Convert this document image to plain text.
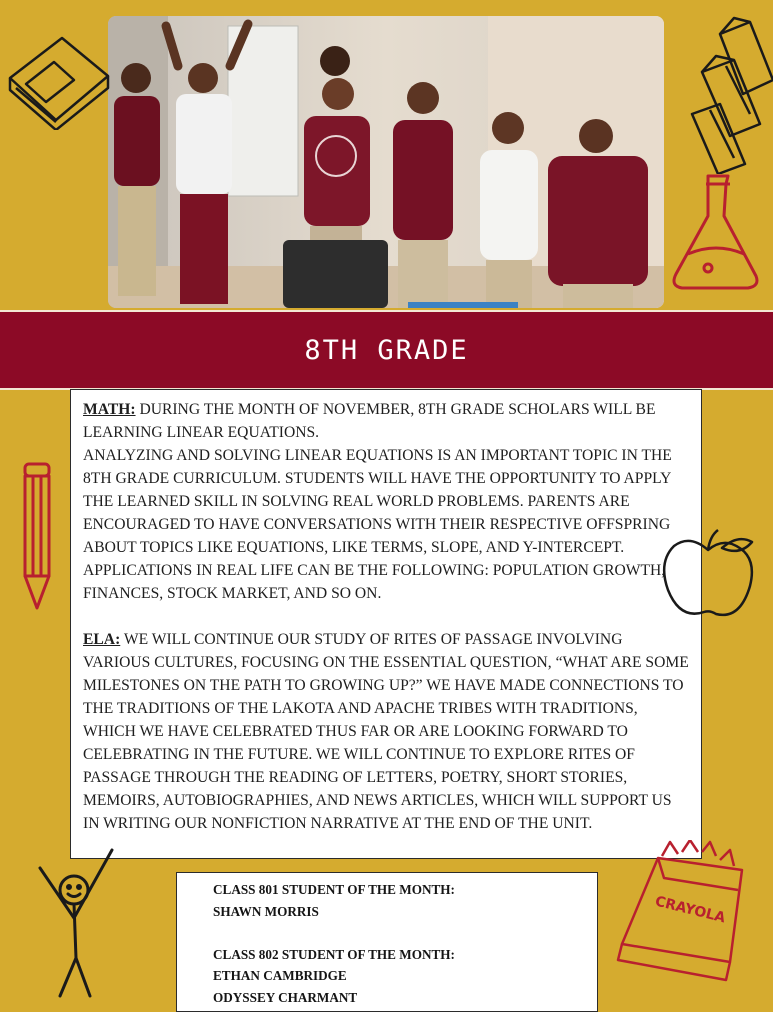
8TH GRADE

MATH: DURING THE MONTH OF NOVEMBER, 8TH GRADE SCHOLARS WILL BE LEARNING LINEAR EQUATIONS.

ANALYZING AND SOLVING LINEAR EQUATIONS IS AN IMPORTANT TOPIC IN THE 8TH GRADE CURRICULUM. STUDENTS WILL HAVE THE OPPORTUNITY TO APPLY THE LEARNED SKILL IN SOLVING REAL WORLD PROBLEMS. PARENTS ARE ENCOURAGED TO HAVE CONVERSATIONS WITH THEIR RESPECTIVE OFFSPRING ABOUT TOPICS LIKE EQUATIONS, LIKE TERMS, SLOPE, AND Y-INTERCEPT. APPLICATIONS IN REAL LIFE CAN BE THE FOLLOWING: POPULATION GROWTH, FINANCES, STOCK MARKET, AND SO ON.

ELA: WE WILL CONTINUE OUR STUDY OF RITES OF PASSAGE INVOLVING VARIOUS CULTURES, FOCUSING ON THE ESSENTIAL QUESTION, “WHAT ARE SOME MILESTONES ON THE PATH TO GROWING UP?” WE HAVE MADE CONNECTIONS TO THE TRADITIONS OF THE LAKOTA AND APACHE TRIBES WITH TRADITIONS, WHICH WE HAVE CELEBRATED THUS FAR OR ARE LOOKING FORWARD TO CELEBRATING IN THE FUTURE. WE WILL CONTINUE TO EXPLORE RITES OF PASSAGE THROUGH THE READING OF LETTERS, POETRY, SHORT STORIES, MEMOIRS, AUTOBIOGRAPHIES, AND NEWS ARTICLES, WHICH WILL SUPPORT US IN WRITING OUR NONFICTION NARRATIVE AT THE END OF THE UNIT.

CLASS 801 STUDENT OF THE MONTH:
SHAWN MORRIS
CLASS 802 STUDENT OF THE MONTH:
ETHAN CAMBRIDGE
ODYSSEY CHARMANT
CRAYOLA
